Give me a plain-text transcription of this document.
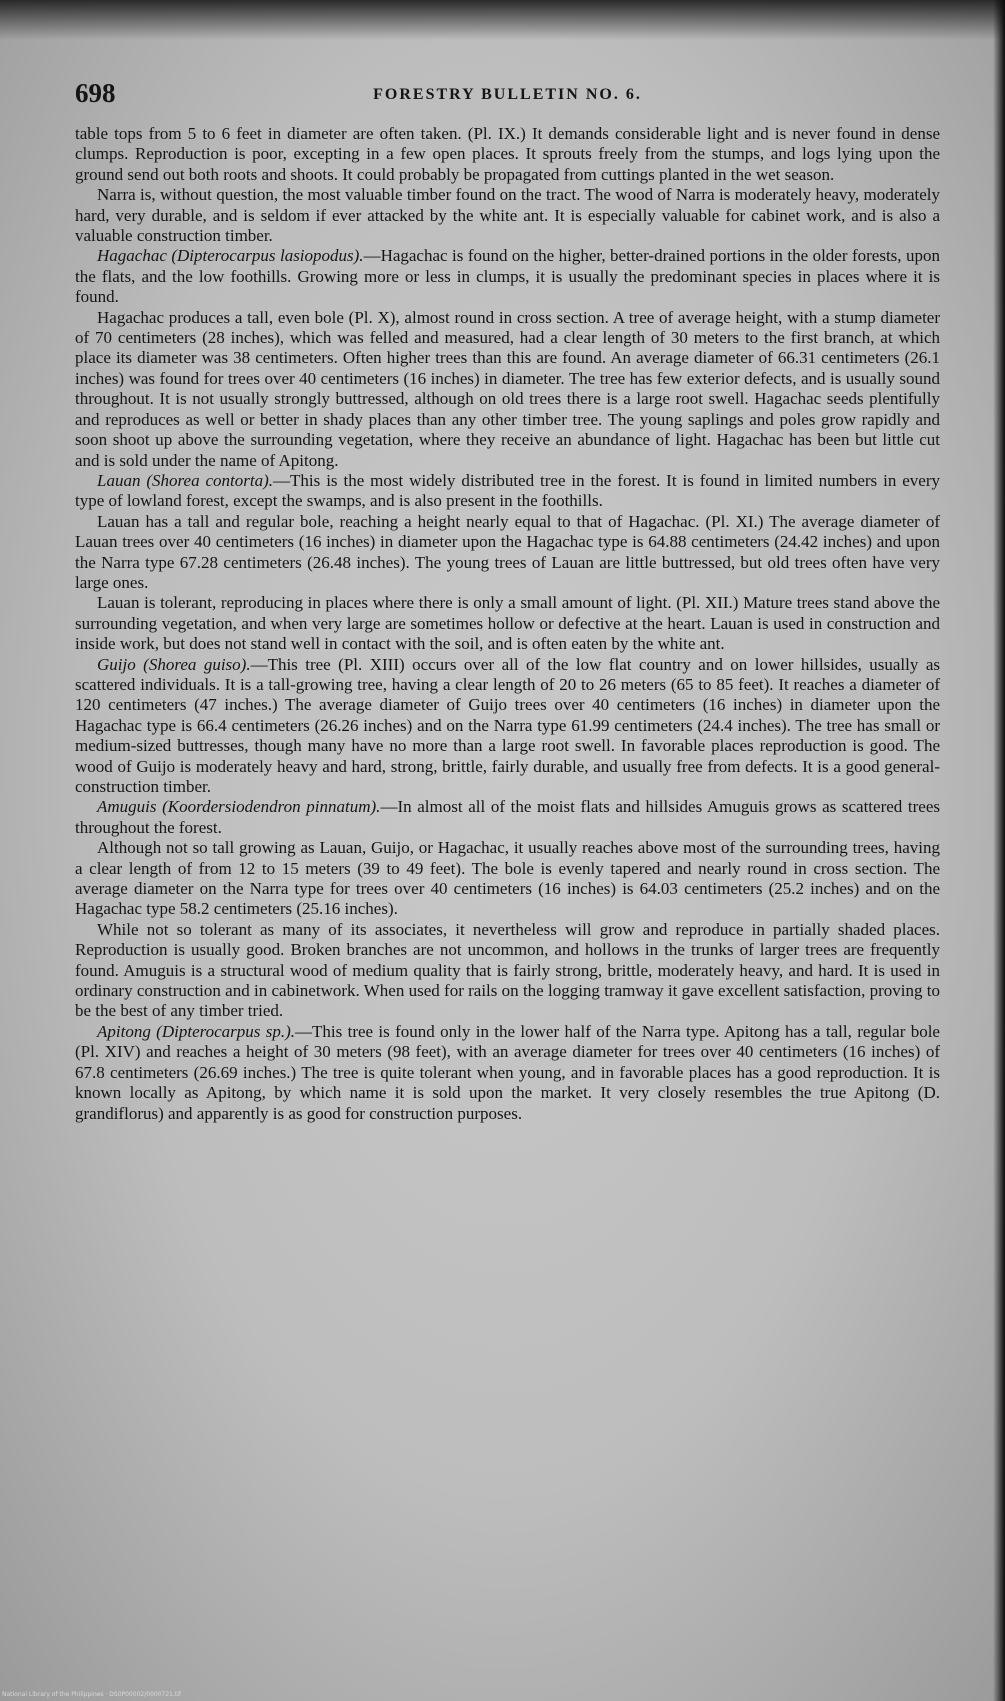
698	FORESTRY BULLETIN NO. 6.

table tops from 5 to 6 feet in diameter are often taken. (Pl. IX.) It demands considerable light and is never found in dense clumps. Reproduction is poor, excepting in a few open places. It sprouts freely from the stumps, and logs lying upon the ground send out both roots and shoots. It could probably be propagated from cuttings planted in the wet season.

Narra is, without question, the most valuable timber found on the tract. The wood of Narra is moderately heavy, moderately hard, very durable, and is seldom if ever attacked by the white ant. It is especially valuable for cabinet work, and is also a valuable construction timber.

Hagachac (Dipterocarpus lasiopodus).—Hagachac is found on the higher, better-drained portions in the older forests, upon the flats, and the low foothills. Growing more or less in clumps, it is usually the predominant species in places where it is found.

Hagachac produces a tall, even bole (Pl. X), almost round in cross section. A tree of average height, with a stump diameter of 70 centimeters (28 inches), which was felled and measured, had a clear length of 30 meters to the first branch, at which place its diameter was 38 centimeters. Often higher trees than this are found. An average diameter of 66.31 centimeters (26.1 inches) was found for trees over 40 centimeters (16 inches) in diameter. The tree has few exterior defects, and is usually sound throughout. It is not usually strongly buttressed, although on old trees there is a large root swell. Hagachac seeds plentifully and reproduces as well or better in shady places than any other timber tree. The young saplings and poles grow rapidly and soon shoot up above the surrounding vegetation, where they receive an abundance of light. Hagachac has been but little cut and is sold under the name of Apitong.

Lauan (Shorea contorta).—This is the most widely distributed tree in the forest. It is found in limited numbers in every type of lowland forest, except the swamps, and is also present in the foothills.

Lauan has a tall and regular bole, reaching a height nearly equal to that of Hagachac. (Pl. XI.) The average diameter of Lauan trees over 40 centimeters (16 inches) in diameter upon the Hagachac type is 64.88 centimeters (24.42 inches) and upon the Narra type 67.28 centimeters (26.48 inches). The young trees of Lauan are little buttressed, but old trees often have very large ones.

Lauan is tolerant, reproducing in places where there is only a small amount of light. (Pl. XII.) Mature trees stand above the surrounding vegetation, and when very large are sometimes hollow or defective at the heart. Lauan is used in construction and inside work, but does not stand well in contact with the soil, and is often eaten by the white ant.

Guijo (Shorea guiso).—This tree (Pl. XIII) occurs over all of the low flat country and on lower hillsides, usually as scattered individuals. It is a tall-growing tree, having a clear length of 20 to 26 meters (65 to 85 feet). It reaches a diameter of 120 centimeters (47 inches.) The average diameter of Guijo trees over 40 centimeters (16 inches) in diameter upon the Hagachac type is 66.4 centimeters (26.26 inches) and on the Narra type 61.99 centimeters (24.4 inches). The tree has small or medium-sized buttresses, though many have no more than a large root swell. In favorable places reproduction is good. The wood of Guijo is moderately heavy and hard, strong, brittle, fairly durable, and usually free from defects. It is a good general-construction timber.

Amuguis (Koordersiodendron pinnatum).—In almost all of the moist flats and hillsides Amuguis grows as scattered trees throughout the forest.

Although not so tall growing as Lauan, Guijo, or Hagachac, it usually reaches above most of the surrounding trees, having a clear length of from 12 to 15 meters (39 to 49 feet). The bole is evenly tapered and nearly round in cross section. The average diameter on the Narra type for trees over 40 centimeters (16 inches) is 64.03 centimeters (25.2 inches) and on the Hagachac type 58.2 centimeters (25.16 inches).

While not so tolerant as many of its associates, it nevertheless will grow and reproduce in partially shaded places. Reproduction is usually good. Broken branches are not uncommon, and hollows in the trunks of larger trees are frequently found. Amuguis is a structural wood of medium quality that is fairly strong, brittle, moderately heavy, and hard. It is used in ordinary construction and in cabinetwork. When used for rails on the logging tramway it gave excellent satisfaction, proving to be the best of any timber tried.

Apitong (Dipterocarpus sp.).—This tree is found only in the lower half of the Narra type. Apitong has a tall, regular bole (Pl. XIV) and reaches a height of 30 meters (98 feet), with an average diameter for trees over 40 centimeters (16 inches) of 67.8 centimeters (26.69 inches.) The tree is quite tolerant when young, and in favorable places has a good reproduction. It is known locally as Apitong, by which name it is sold upon the market. It very closely resembles the true Apitong (D. grandiflorus) and apparently is as good for construction purposes.

National Library of the Philippines · DS0P00002/0000721.tif
